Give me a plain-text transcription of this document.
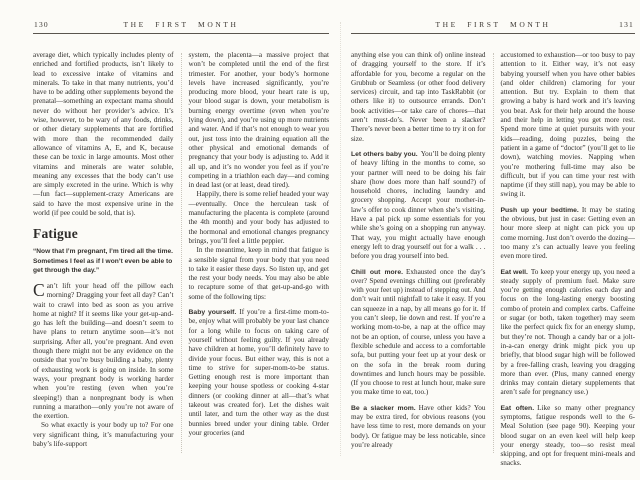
130	THE FIRST MONTH

average diet, which typically includes plenty of enriched and fortified products, isn’t likely to lead to excessive intake of vitamins and minerals. To take in that many nutrients, you’d have to be adding other supplements beyond the prenatal—something an expectant mama should never do without her provider’s advice. It’s wise, however, to be wary of any foods, drinks, or other dietary supplements that are fortified with more than the recommended daily allowance of vitamins A, E, and K, because these can be toxic in large amounts. Most other vitamins and minerals are water soluble, meaning any excesses that the body can’t use are simply excreted in the urine. Which is why—fun fact—supplement-crazy Americans are said to have the most expensive urine in the world (if pee could be sold, that is).

Fatigue

“Now that I’m pregnant, I’m tired all the time. Sometimes I feel as if I won’t even be able to get through the day.”

Can’t lift your head off the pillow each morning? Dragging your feet all day? Can’t wait to crawl into bed as soon as you arrive home at night? If it seems like your get-up-and-go has left the building—and doesn’t seem to have plans to return anytime soon—it’s not surprising. After all, you’re pregnant. And even though there might not be any evidence on the outside that you’re busy building a baby, plenty of exhausting work is going on inside. In some ways, your pregnant body is working harder when you’re resting (even when you’re sleeping!) than a nonpregnant body is when running a marathon—only you’re not aware of the exertion.

So what exactly is your body up to? For one very significant thing, it’s manufacturing your baby’s life-support

system, the placenta—a massive project that won’t be completed until the end of the first trimester. For another, your body’s hormone levels have increased significantly, you’re producing more blood, your heart rate is up, your blood sugar is down, your metabolism is burning energy overtime (even when you’re lying down), and you’re using up more nutrients and water. And if that’s not enough to wear you out, just toss into the draining equation all the other physical and emotional demands of pregnancy that your body is adjusting to. Add it all up, and it’s no wonder you feel as if you’re competing in a triathlon each day—and coming in dead last (or at least, dead tired).

Happily, there is some relief headed your way—eventually. Once the herculean task of manufacturing the placenta is complete (around the 4th month) and your body has adjusted to the hormonal and emotional changes pregnancy brings, you’ll feel a little peppier.

In the meantime, keep in mind that fatigue is a sensible signal from your body that you need to take it easier these days. So listen up, and get the rest your body needs. You may also be able to recapture some of that get-up-and-go with some of the following tips:

Baby yourself. If you’re a first-time mom-to-be, enjoy what will probably be your last chance for a long while to focus on taking care of yourself without feeling guilty. If you already have children at home, you’ll definitely have to divide your focus. But either way, this is not a time to strive for super-mom-to-be status. Getting enough rest is more important than keeping your house spotless or cooking 4-star dinners (or cooking dinner at all—that’s what takeout was created for). Let the dishes wait until later, and turn the other way as the dust bunnies breed under your dining table. Order your groceries (and

THE FIRST MONTH	131

anything else you can think of) online instead of dragging yourself to the store. If it’s affordable for you, become a regular on the Grubhub or Seamless (or other food delivery services) circuit, and tap into TaskRabbit (or others like it) to outsource errands. Don’t book activities—or take care of chores—that aren’t must-do’s. Never been a slacker? There’s never been a better time to try it on for size.

Let others baby you. You’ll be doing plenty of heavy lifting in the months to come, so your partner will need to be doing his fair share (how does more than half sound?) of household chores, including laundry and grocery shopping. Accept your mother-in-law’s offer to cook dinner when she’s visiting. Have a pal pick up some essentials for you while she’s going on a shopping run anyway. That way, you might actually have enough energy left to drag yourself out for a walk . . . before you drag yourself into bed.

Chill out more. Exhausted once the day’s over? Spend evenings chilling out (preferably with your feet up) instead of stepping out. And don’t wait until nightfall to take it easy. If you can squeeze in a nap, by all means go for it. If you can’t sleep, lie down and rest. If you’re a working mom-to-be, a nap at the office may not be an option, of course, unless you have a flexible schedule and access to a comfortable sofa, but putting your feet up at your desk or on the sofa in the break room during downtimes and lunch hours may be possible. (If you choose to rest at lunch hour, make sure you make time to eat, too.)

Be a slacker mom. Have other kids? You may be extra tired, for obvious reasons (you have less time to rest, more demands on your body). Or fatigue may be less noticable, since you’re already

accustomed to exhaustion—or too busy to pay attention to it. Either way, it’s not easy babying yourself when you have other babies (and older children) clamoring for your attention. But try. Explain to them that growing a baby is hard work and it’s leaving you beat. Ask for their help around the house and their help in letting you get more rest. Spend more time at quiet pursuits with your kids—reading, doing puzzles, being the patient in a game of “doctor” (you’ll get to lie down), watching movies. Napping when you’re mothering full-time may also be difficult, but if you can time your rest with naptime (if they still nap), you may be able to swing it.

Push up your bedtime. It may be stating the obvious, but just in case: Getting even an hour more sleep at night can pick you up come morning. Just don’t overdo the dozing—too many z’s can actually leave you feeling even more tired.

Eat well. To keep your energy up, you need a steady supply of premium fuel. Make sure you’re getting enough calories each day and focus on the long-lasting energy boosting combo of protein and complex carbs. Caffeine or sugar (or both, taken together) may seem like the perfect quick fix for an energy slump, but they’re not. Though a candy bar or a jolt-in-a-can energy drink might pick you up briefly, that blood sugar high will be followed by a free-falling crash, leaving you dragging more than ever. (Plus, many canned energy drinks may contain dietary supplements that aren’t safe for pregnancy use.)

Eat often. Like so many other pregnancy symptoms, fatigue responds well to the 6-Meal Solution (see page 90). Keeping your blood sugar on an even keel will help keep your energy steady, too—so resist meal skipping, and opt for frequent mini-meals and snacks.
